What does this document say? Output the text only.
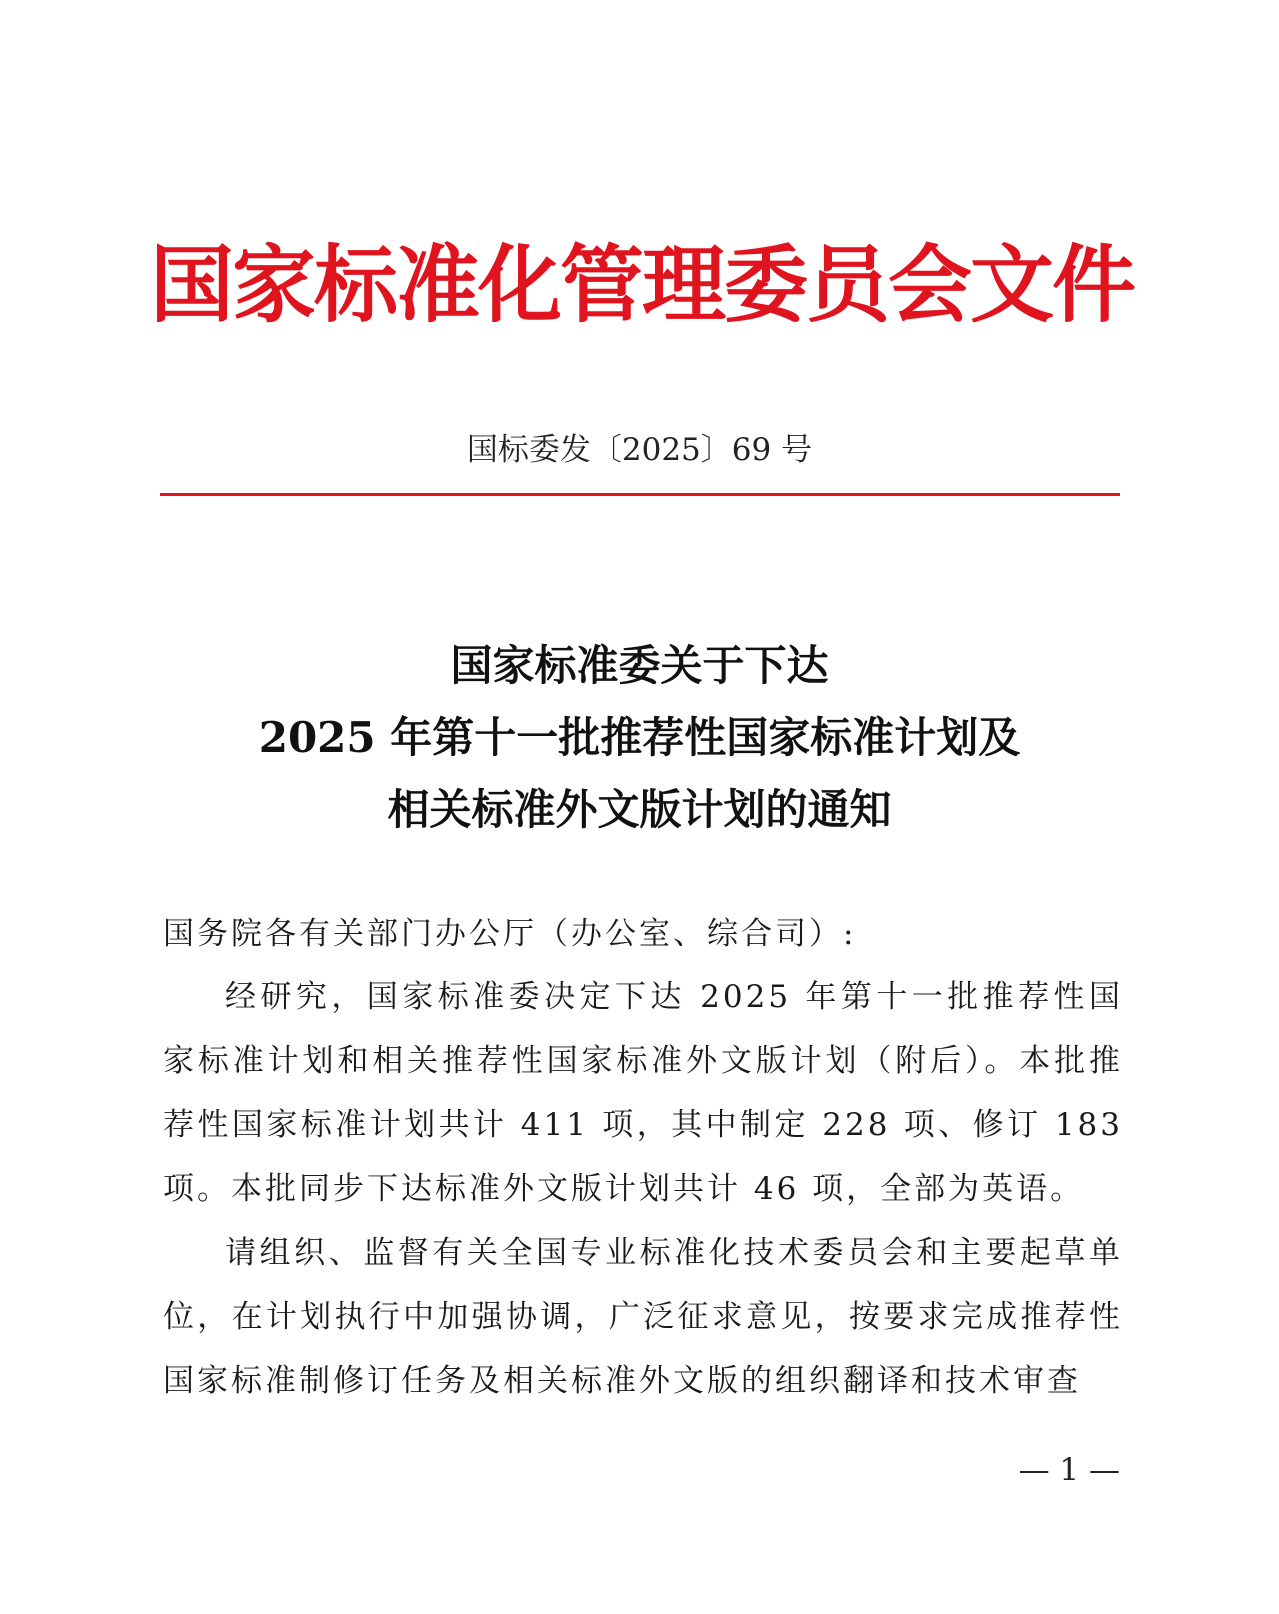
国家标准化管理委员会文件
国标委发〔2025〕69 号
国家标准委关于下达
2025 年第十一批推荐性国家标准计划及
相关标准外文版计划的通知
国务院各有关部门办公厅（办公室、综合司）:
经研究，国家标准委决定下达 2025 年第十一批推荐性国家标准计划和相关推荐性国家标准外文版计划（附后）。本批推荐性国家标准计划共计 411 项，其中制定 228 项、修订 183 项。本批同步下达标准外文版计划共计 46 项，全部为英语。
请组织、监督有关全国专业标准化技术委员会和主要起草单位，在计划执行中加强协调，广泛征求意见，按要求完成推荐性国家标准制修订任务及相关标准外文版的组织翻译和技术审查
— 1 —
